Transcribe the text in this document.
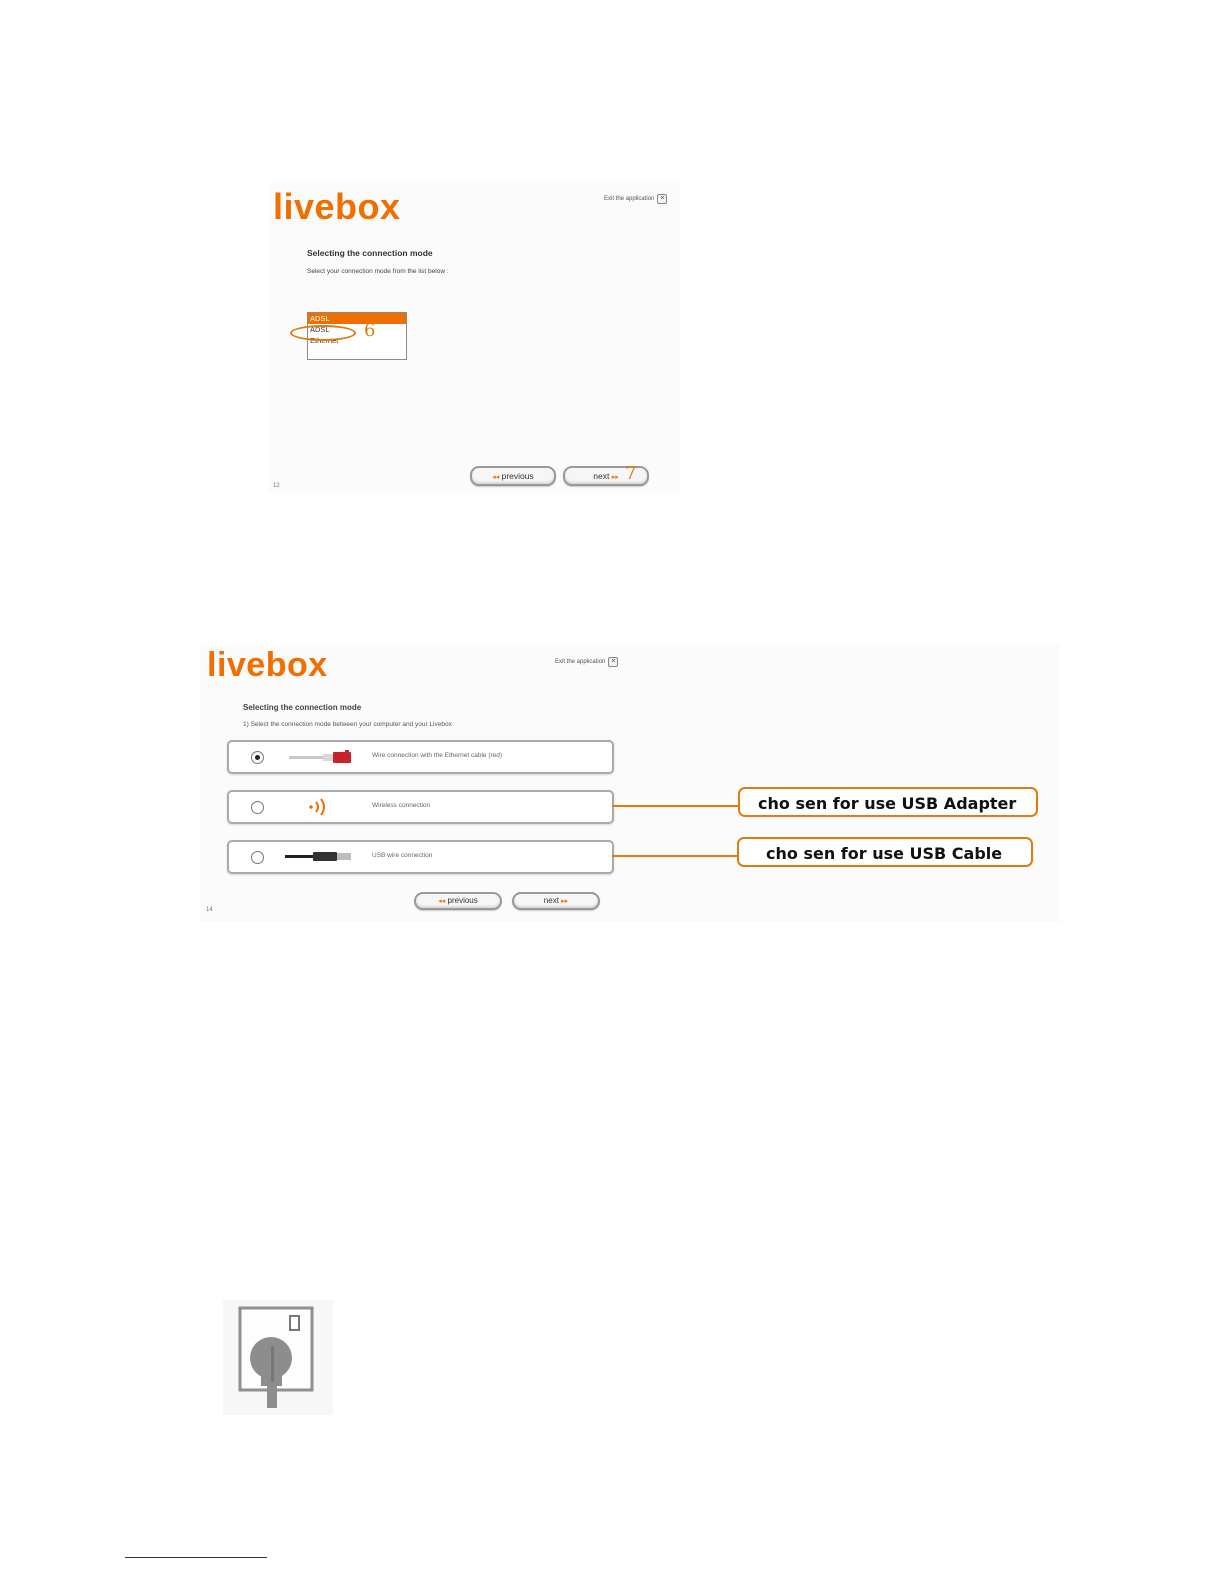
livebox	Exit the application ×
Selecting the connection mode
Select your connection mode from the list below :
ADSL
ADSL
Ethernet	6
◂◂ previous	next ▸▸ 7
12
livebox	Exit the application ×
Selecting the connection mode
1) Select the connection mode between your computer and your Livebox
Wire connection with the Ethernet cable (red)
Wireless connection
USB wire connection
cho sen for use USB Adapter
cho sen for use USB Cable
◂◂ previous	next ▸▸
14
